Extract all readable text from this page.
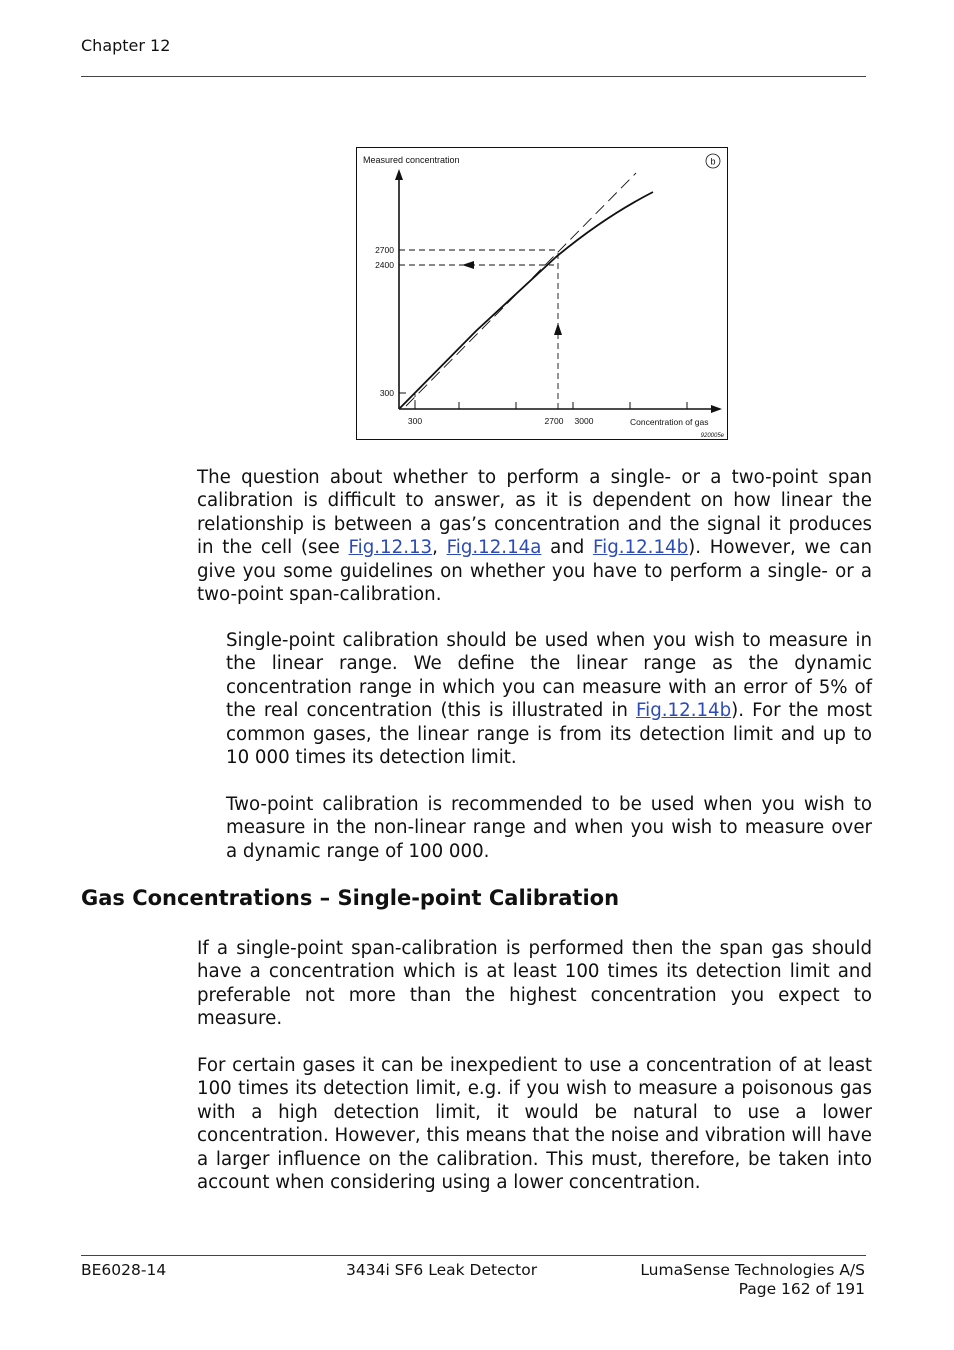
Chapter 12
Measured concentration	b
2700
2400
300
300	2700 3000	Concentration of gas
920005e

The question about whether to perform a single- or a two-point span calibration is difficult to answer, as it is dependent on how linear the relationship is between a gas’s concentration and the signal it produces in the cell (see Fig.12.13, Fig.12.14a and Fig.12.14b). However, we can give you some guidelines on whether you have to perform a single- or a two-point span-calibration.

Single-point calibration should be used when you wish to measure in the linear range. We define the linear range as the dynamic concentration range in which you can measure with an error of 5% of the real concentration (this is illustrated in Fig.12.14b). For the most common gases, the linear range is from its detection limit and up to 10 000 times its detection limit.

Two-point calibration is recommended to be used when you wish to measure in the non-linear range and when you wish to measure over a dynamic range of 100 000.

Gas Concentrations – Single-point Calibration

If a single-point span-calibration is performed then the span gas should have a concentration which is at least 100 times its detection limit and preferable not more than the highest concentration you expect to measure.

For certain gases it can be inexpedient to use a concentration of at least 100 times its detection limit, e.g. if you wish to measure a poisonous gas with a high detection limit, it would be natural to use a lower concentration. However, this means that the noise and vibration will have a larger influence on the calibration. This must, therefore, be taken into account when considering using a lower concentration.

BE6028-14	3434i SF6 Leak Detector	LumaSense Technologies A/S
Page 162 of 191
